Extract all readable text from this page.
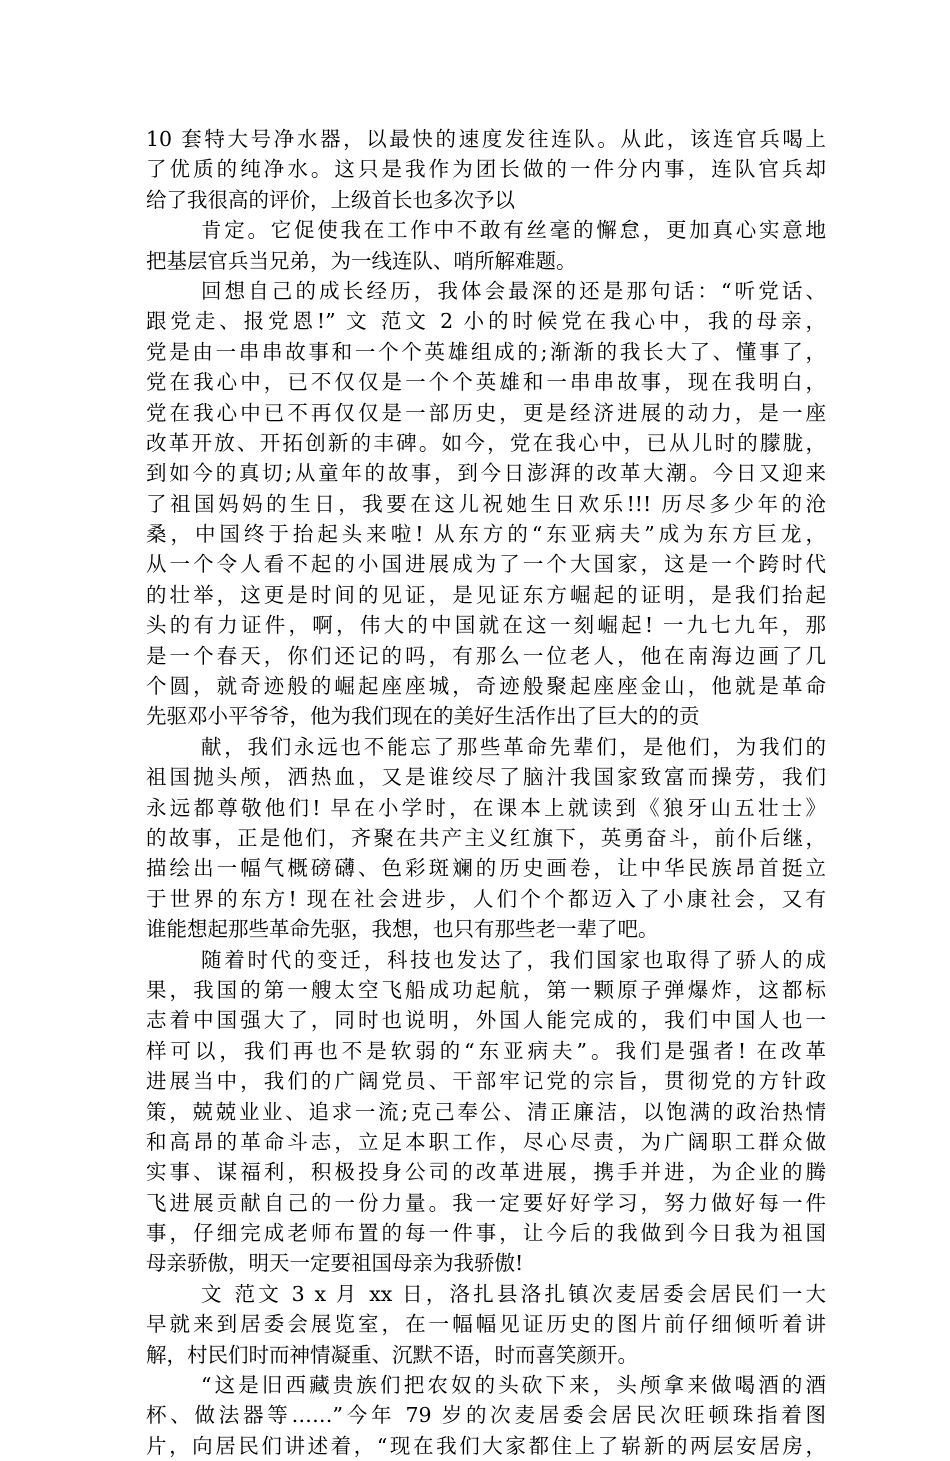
10 套特大号净水器，以最快的速度发往连队。从此，该连官兵喝上
了优质的纯净水。这只是我作为团长做的一件分内事，连队官兵却
给了我很高的评价，上级首长也多次予以
肯定。它促使我在工作中不敢有丝毫的懈怠，更加真心实意地
把基层官兵当兄弟，为一线连队、哨所解难题。
回想自己的成长经历，我体会最深的还是那句话：“听党话、
跟党走、报党恩!” 文 范文 2 小的时候党在我心中，我的母亲，
党是由一串串故事和一个个英雄组成的;渐渐的我长大了、懂事了，
党在我心中，已不仅仅是一个个英雄和一串串故事，现在我明白，
党在我心中已不再仅仅是一部历史，更是经济进展的动力，是一座
改革开放、开拓创新的丰碑。如今，党在我心中，已从儿时的朦胧，
到如今的真切;从童年的故事，到今日澎湃的改革大潮。今日又迎来
了祖国妈妈的生日，我要在这儿祝她生日欢乐!!! 历尽多少年的沧
桑，中国终于抬起头来啦! 从东方的“东亚病夫”成为东方巨龙，
从一个令人看不起的小国进展成为了一个大国家，这是一个跨时代
的壮举，这更是时间的见证，是见证东方崛起的证明，是我们抬起
头的有力证件，啊，伟大的中国就在这一刻崛起! 一九七九年，那
是一个春天，你们还记的吗，有那么一位老人，他在南海边画了几
个圆，就奇迹般的崛起座座城，奇迹般聚起座座金山，他就是革命
先驱邓小平爷爷，他为我们现在的美好生活作出了巨大的的贡
献，我们永远也不能忘了那些革命先辈们，是他们，为我们的
祖国抛头颅，洒热血，又是谁绞尽了脑汁我国家致富而操劳，我们
永远都尊敬他们! 早在小学时，在课本上就读到《狼牙山五壮士》
的故事，正是他们，齐聚在共产主义红旗下，英勇奋斗，前仆后继，
描绘出一幅气概磅礴、色彩斑斓的历史画卷，让中华民族昂首挺立
于世界的东方! 现在社会进步，人们个个都迈入了小康社会，又有
谁能想起那些革命先驱，我想，也只有那些老一辈了吧。
随着时代的变迁，科技也发达了，我们国家也取得了骄人的成
果，我国的第一艘太空飞船成功起航，第一颗原子弹爆炸，这都标
志着中国强大了，同时也说明，外国人能完成的，我们中国人也一
样可以，我们再也不是软弱的“东亚病夫”。我们是强者! 在改革
进展当中，我们的广阔党员、干部牢记党的宗旨，贯彻党的方针政
策，兢兢业业、追求一流;克己奉公、清正廉洁，以饱满的政治热情
和高昂的革命斗志，立足本职工作，尽心尽责，为广阔职工群众做
实事、谋福利，积极投身公司的改革进展，携手并进，为企业的腾
飞进展贡献自己的一份力量。我一定要好好学习，努力做好每一件
事，仔细完成老师布置的每一件事，让今后的我做到今日我为祖国
母亲骄傲，明天一定要祖国母亲为我骄傲!
文 范文 3 x 月 xx 日，洛扎县洛扎镇次麦居委会居民们一大
早就来到居委会展览室，在一幅幅见证历史的图片前仔细倾听着讲
解，村民们时而神情凝重、沉默不语，时而喜笑颜开。
“这是旧西藏贵族们把农奴的头砍下来，头颅拿来做喝酒的酒
杯、做法器等……”今年 79 岁的次麦居委会居民次旺顿珠指着图
片，向居民们讲述着，“现在我们大家都住上了崭新的两层安居房，
